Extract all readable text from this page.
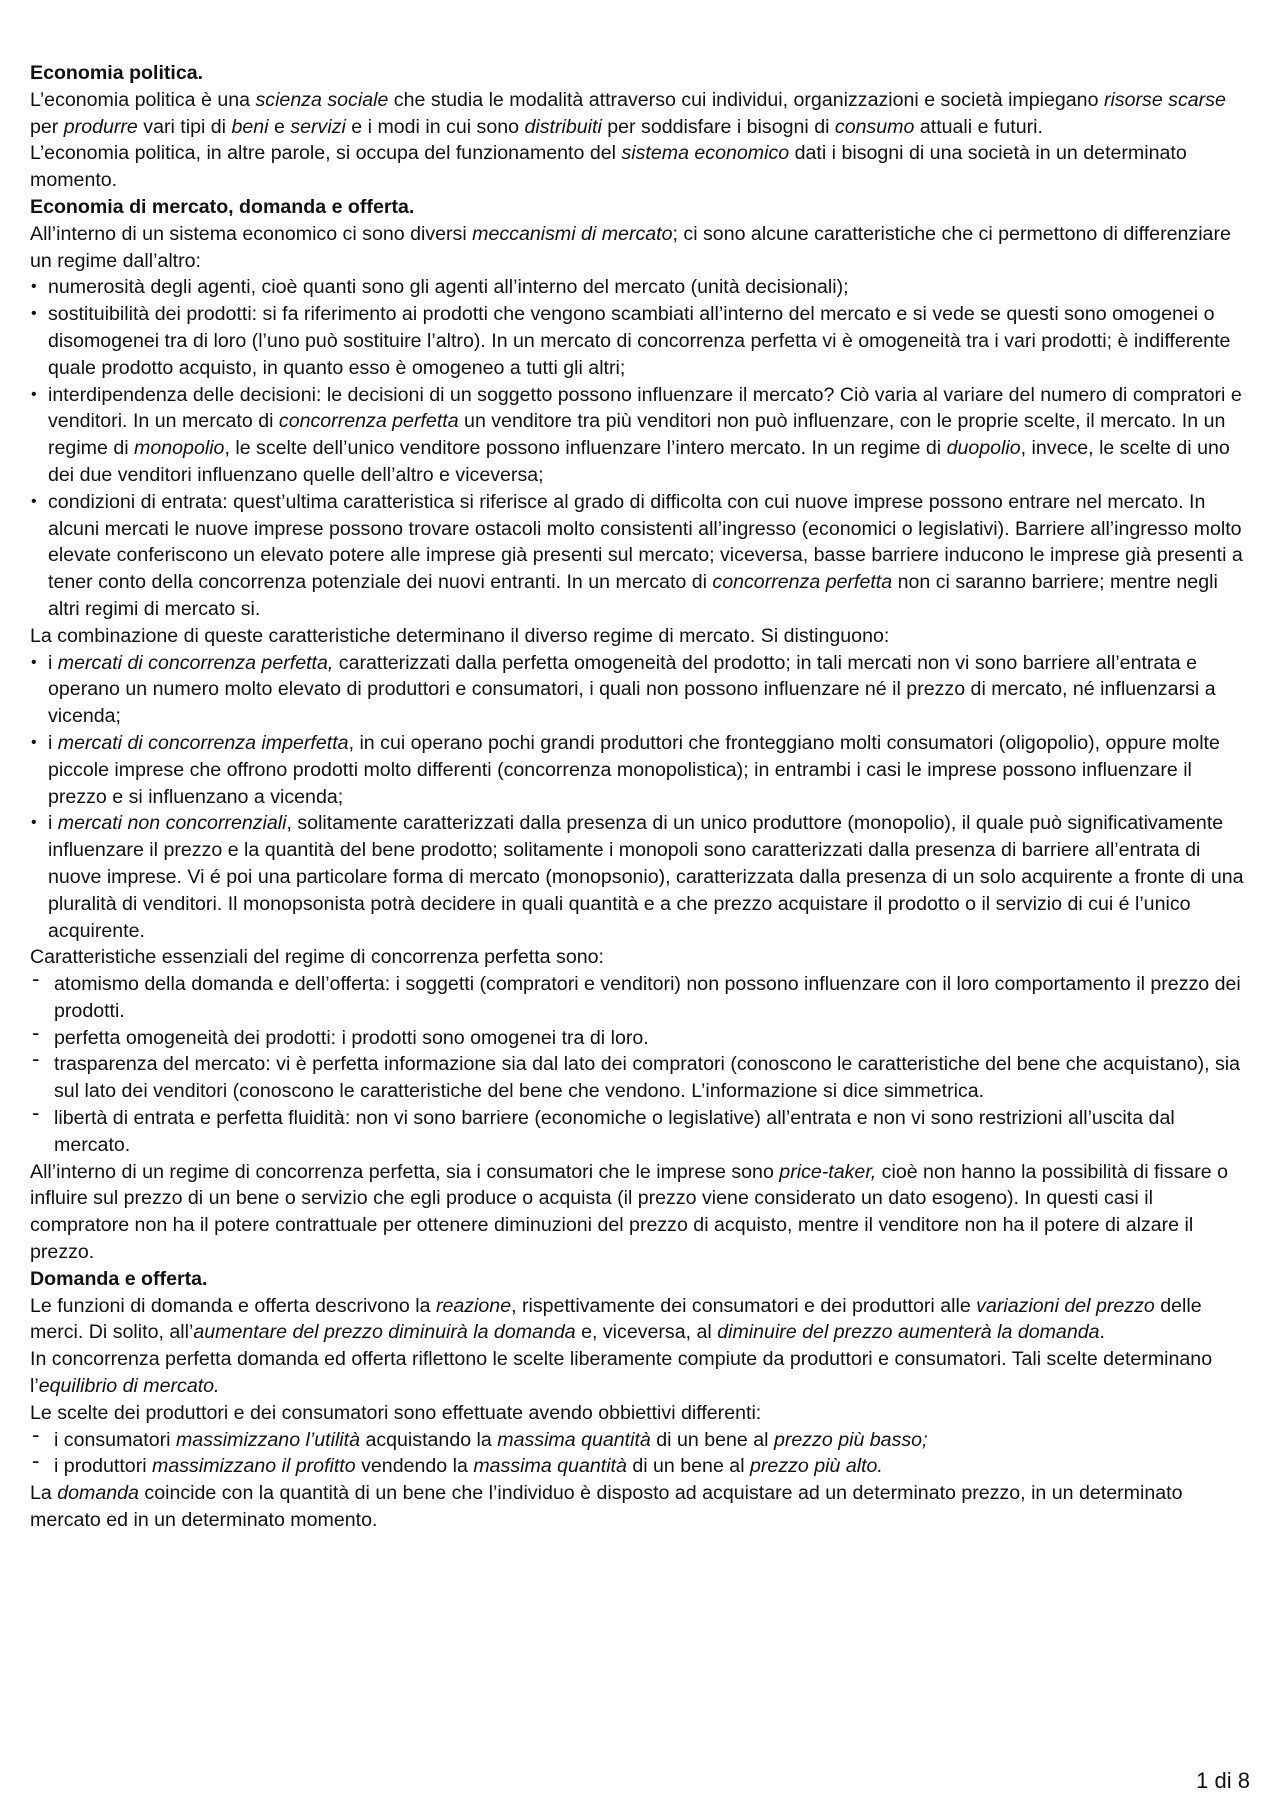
Economia politica.

L’economia politica è una scienza sociale che studia le modalità attraverso cui individui, organizzazioni e società impiegano risorse scarse per produrre vari tipi di beni e servizi e i modi in cui sono distribuiti per soddisfare i bisogni di consumo attuali e futuri.

L’economia politica, in altre parole, si occupa del funzionamento del sistema economico dati i bisogni di una società in un determinato momento.

Economia di mercato, domanda e offerta.

All’interno di un sistema economico ci sono diversi meccanismi di mercato; ci sono alcune caratteristiche che ci permettono di differenziare un regime dall’altro:

• numerosità degli agenti, cioè quanti sono gli agenti all’interno del mercato (unità decisionali);
• sostituibilità dei prodotti: si fa riferimento ai prodotti che vengono scambiati all’interno del mercato e si vede se questi sono omogenei o disomogenei tra di loro (l’uno può sostituire l’altro). In un mercato di concorrenza perfetta vi è omogeneità tra i vari prodotti; è indifferente quale prodotto acquisto, in quanto esso è omogeneo a tutti gli altri;
• interdipendenza delle decisioni: le decisioni di un soggetto possono influenzare il mercato? Ciò varia al variare del numero di compratori e venditori. In un mercato di concorrenza perfetta un venditore tra più venditori non può influenzare, con le proprie scelte, il mercato. In un regime di monopolio, le scelte dell’unico venditore possono influenzare l’intero mercato. In un regime di duopolio, invece, le scelte di uno dei due venditori influenzano quelle dell’altro e viceversa;
• condizioni di entrata: quest’ultima caratteristica si riferisce al grado di difficolta con cui nuove imprese possono entrare nel mercato. In alcuni mercati le nuove imprese possono trovare ostacoli molto consistenti all’ingresso (economici o legislativi). Barriere all’ingresso molto elevate conferiscono un elevato potere alle imprese già presenti sul mercato; viceversa, basse barriere inducono le imprese già presenti a tener conto della concorrenza potenziale dei nuovi entranti. In un mercato di concorrenza perfetta non ci saranno barriere; mentre negli altri regimi di mercato si.

La combinazione di queste caratteristiche determinano il diverso regime di mercato. Si distinguono:

• i mercati di concorrenza perfetta, caratterizzati dalla perfetta omogeneità del prodotto; in tali mercati non vi sono barriere all’entrata e operano un numero molto elevato di produttori e consumatori, i quali non possono influenzare né il prezzo di mercato, né influenzarsi a vicenda;
• i mercati di concorrenza imperfetta, in cui operano pochi grandi produttori che fronteggiano molti consumatori (oligopolio), oppure molte piccole imprese che offrono prodotti molto differenti (concorrenza monopolistica); in entrambi i casi le imprese possono influenzare il prezzo e si influenzano a vicenda;
• i mercati non concorrenziali, solitamente caratterizzati dalla presenza di un unico produttore (monopolio), il quale può significativamente influenzare il prezzo e la quantità del bene prodotto; solitamente i monopoli sono caratterizzati dalla presenza di barriere all’entrata di nuove imprese. Vi é poi una particolare forma di mercato (monopsonio), caratterizzata dalla presenza di un solo acquirente a fronte di una pluralità di venditori. Il monopsonista potrà decidere in quali quantità e a che prezzo acquistare il prodotto o il servizio di cui é l’unico acquirente.

Caratteristiche essenziali del regime di concorrenza perfetta sono:

- atomismo della domanda e dell’offerta: i soggetti (compratori e venditori) non possono influenzare con il loro comportamento il prezzo dei prodotti.
- perfetta omogeneità dei prodotti: i prodotti sono omogenei tra di loro.
- trasparenza del mercato: vi è perfetta informazione sia dal lato dei compratori (conoscono le caratteristiche del bene che acquistano), sia sul lato dei venditori (conoscono le caratteristiche del bene che vendono. L’informazione si dice simmetrica.
- libertà di entrata e perfetta fluidità: non vi sono barriere (economiche o legislative) all’entrata e non vi sono restrizioni all’uscita dal mercato.

All’interno di un regime di concorrenza perfetta, sia i consumatori che le imprese sono price-taker, cioè non hanno la possibilità di fissare o influire sul prezzo di un bene o servizio che egli produce o acquista (il prezzo viene considerato un dato esogeno). In questi casi il compratore non ha il potere contrattuale per ottenere diminuzioni del prezzo di acquisto, mentre il venditore non ha il potere di alzare il prezzo.

Domanda e offerta.

Le funzioni di domanda e offerta descrivono la reazione, rispettivamente dei consumatori e dei produttori alle variazioni del prezzo delle merci. Di solito, all’aumentare del prezzo diminuirà la domanda e, viceversa, al diminuire del prezzo aumenterà la domanda.

In concorrenza perfetta domanda ed offerta riflettono le scelte liberamente compiute da produttori e consumatori. Tali scelte determinano l’equilibrio di mercato.

Le scelte dei produttori e dei consumatori sono effettuate avendo obbiettivi differenti:

- i consumatori massimizzano l’utilità acquistando la massima quantità di un bene al prezzo più basso;
- i produttori massimizzano il profitto vendendo la massima quantità di un bene al prezzo più alto.

La domanda coincide con la quantità di un bene che l’individuo è disposto ad acquistare ad un determinato prezzo, in un determinato mercato ed in un determinato momento.

1 di 8
